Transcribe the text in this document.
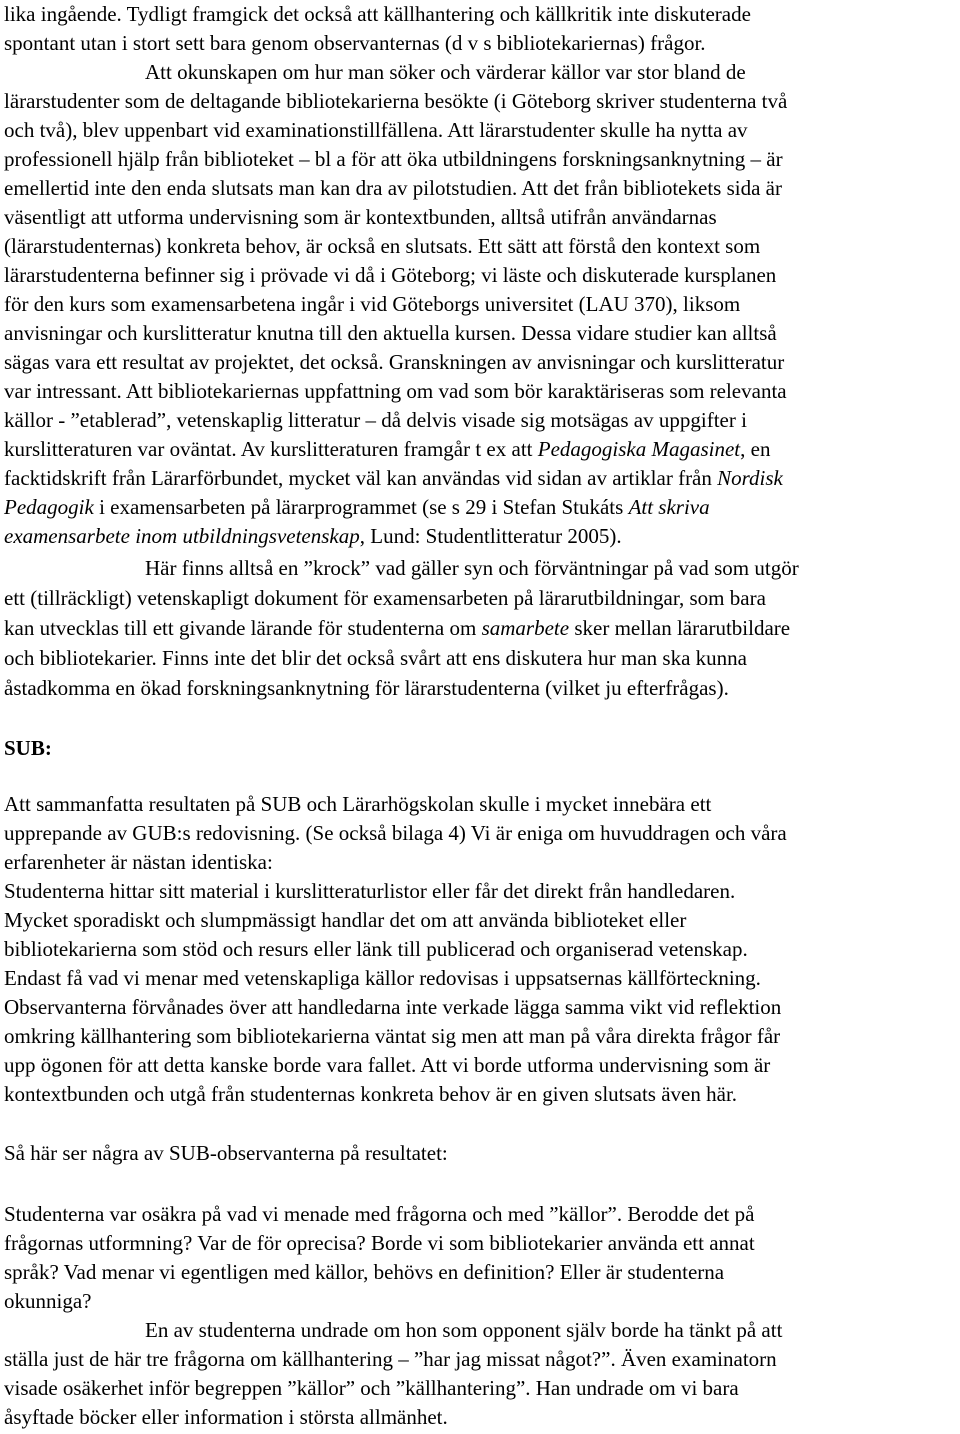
lika ingående. Tydligt framgick det också att källhantering och källkritik inte diskuterade
spontant utan i stort sett bara genom observanternas (d v s bibliotekariernas) frågor.
Att okunskapen om hur man söker och värderar källor var stor bland de
lärarstudenter som de deltagande bibliotekarierna besökte (i Göteborg skriver studenterna två
och två), blev uppenbart vid examinationstillfällena. Att lärarstudenter skulle ha nytta av
professionell hjälp från biblioteket – bl a för att öka utbildningens forskningsanknytning – är
emellertid inte den enda slutsats man kan dra av pilotstudien. Att det från bibliotekets sida är
väsentligt att utforma undervisning som är kontextbunden, alltså utifrån användarnas
(lärarstudenternas) konkreta behov, är också en slutsats. Ett sätt att förstå den kontext som
lärarstudenterna befinner sig i prövade vi då i Göteborg; vi läste och diskuterade kursplanen
för den kurs som examensarbetena ingår i vid Göteborgs universitet (LAU 370), liksom
anvisningar och kurslitteratur knutna till den aktuella kursen. Dessa vidare studier kan alltså
sägas vara ett resultat av projektet, det också. Granskningen av anvisningar och kurslitteratur
var intressant. Att bibliotekariernas uppfattning om vad som bör karaktäriseras som relevanta
källor - ”etablerad”, vetenskaplig litteratur – då delvis visade sig motsägas av uppgifter i
kurslitteraturen var oväntat. Av kurslitteraturen framgår t ex att Pedagogiska Magasinet, en
facktidskrift från Lärarförbundet, mycket väl kan användas vid sidan av artiklar från Nordisk
Pedagogik i examensarbeten på lärarprogrammet (se s 29 i Stefan Stukáts Att skriva
examensarbete inom utbildningsvetenskap, Lund: Studentlitteratur 2005).
Här finns alltså en ”krock” vad gäller syn och förväntningar på vad som utgör
ett (tillräckligt) vetenskapligt dokument för examensarbeten på lärarutbildningar, som bara
kan utvecklas till ett givande lärande för studenterna om samarbete sker mellan lärarutbildare
och bibliotekarier. Finns inte det blir det också svårt att ens diskutera hur man ska kunna
åstadkomma en ökad forskningsanknytning för lärarstudenterna (vilket ju efterfrågas).
SUB:
Att sammanfatta resultaten på SUB och Lärarhögskolan skulle i mycket innebära ett
upprepande av GUB:s redovisning. (Se också bilaga 4) Vi är eniga om huvuddragen och våra
erfarenheter är nästan identiska:
Studenterna hittar sitt material i kurslitteraturlistor eller får det direkt från handledaren.
Mycket sporadiskt och slumpmässigt handlar det om att använda biblioteket eller
bibliotekarierna som stöd och resurs eller länk till publicerad och organiserad vetenskap.
Endast få vad vi menar med vetenskapliga källor redovisas i uppsatsernas källförteckning.
Observanterna förvånades över att handledarna inte verkade lägga samma vikt vid reflektion
omkring källhantering som bibliotekarierna väntat sig men att man på våra direkta frågor får
upp ögonen för att detta kanske borde vara fallet. Att vi borde utforma undervisning som är
kontextbunden och utgå från studenternas konkreta behov är en given slutsats även här.
Så här ser några av SUB-observanterna på resultatet:
Studenterna var osäkra på vad vi menade med frågorna och med ”källor”. Berodde det på
frågornas utformning? Var de för oprecisa? Borde vi som bibliotekarier använda ett annat
språk? Vad menar vi egentligen med källor, behövs en definition? Eller är studenterna
okunniga?
En av studenterna undrade om hon som opponent själv borde ha tänkt på att
ställa just de här tre frågorna om källhantering – ”har jag missat något?”. Även examinatorn
visade osäkerhet inför begreppen ”källor” och ”källhantering”. Han undrade om vi bara
åsyftade böcker eller information i största allmänhet.
